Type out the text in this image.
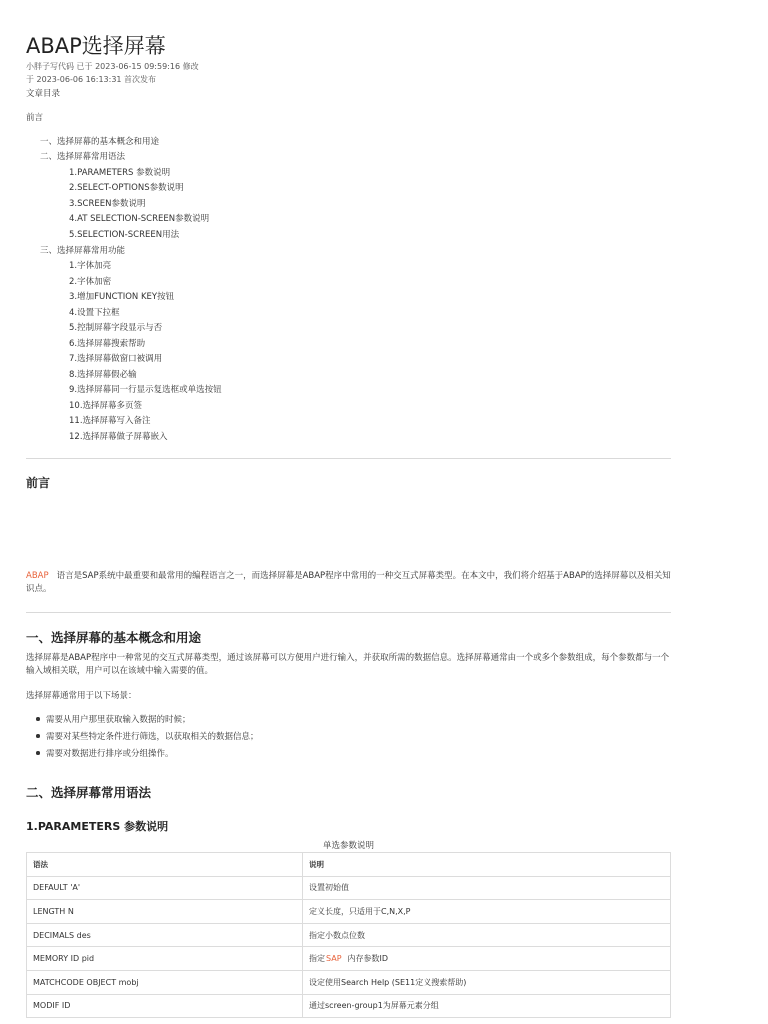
ABAP选择屏幕
小胖子写代码 已于 2023-06-15 09:59:16 修改
于 2023-06-06 16:13:31 首次发布
文章目录
前言
一、选择屏幕的基本概念和用途
二、选择屏幕常用语法
1.PARAMETERS 参数说明
2.SELECT-OPTIONS参数说明
3.SCREEN参数说明
4.AT SELECTION-SCREEN参数说明
5.SELECTION-SCREEN用法
三、选择屏幕常用功能
1.字体加亮
2.字体加密
3.增加FUNCTION KEY按钮
4.设置下拉框
5.控制屏幕字段显示与否
6.选择屏幕搜索帮助
7.选择屏幕做窗口被调用
8.选择屏幕假必输
9.选择屏幕同一行显示复选框或单选按钮
10.选择屏幕多页签
11.选择屏幕写入备注
12.选择屏幕做子屏幕嵌入
前言
ABAP 语言是SAP系统中最重要和最常用的编程语言之一，而选择屏幕是ABAP程序中常用的一种交互式屏幕类型。在本文中，我们将介绍基于ABAP的选择屏幕以及相关知识点。
一、选择屏幕的基本概念和用途
选择屏幕是ABAP程序中一种常见的交互式屏幕类型，通过该屏幕可以方便用户进行输入，并获取所需的数据信息。选择屏幕通常由一个或多个参数组成，每个参数都与一个输入域相关联，用户可以在该域中输入需要的值。
选择屏幕通常用于以下场景：
需要从用户那里获取输入数据的时候；
需要对某些特定条件进行筛选，以获取相关的数据信息；
需要对数据进行排序或分组操作。
二、选择屏幕常用语法
1.PARAMETERS 参数说明
单选参数说明
语法	说明
DEFAULT 'A'	设置初始值
LENGTH N	定义长度，只适用于C,N,X,P
DECIMALS des	指定小数点位数
MEMORY ID pid	指定SAP 内存参数ID
MATCHCODE OBJECT mobj	设定使用Search Help (SE11定义搜索帮助)
MODIF ID	通过screen-group1为屏幕元素分组
